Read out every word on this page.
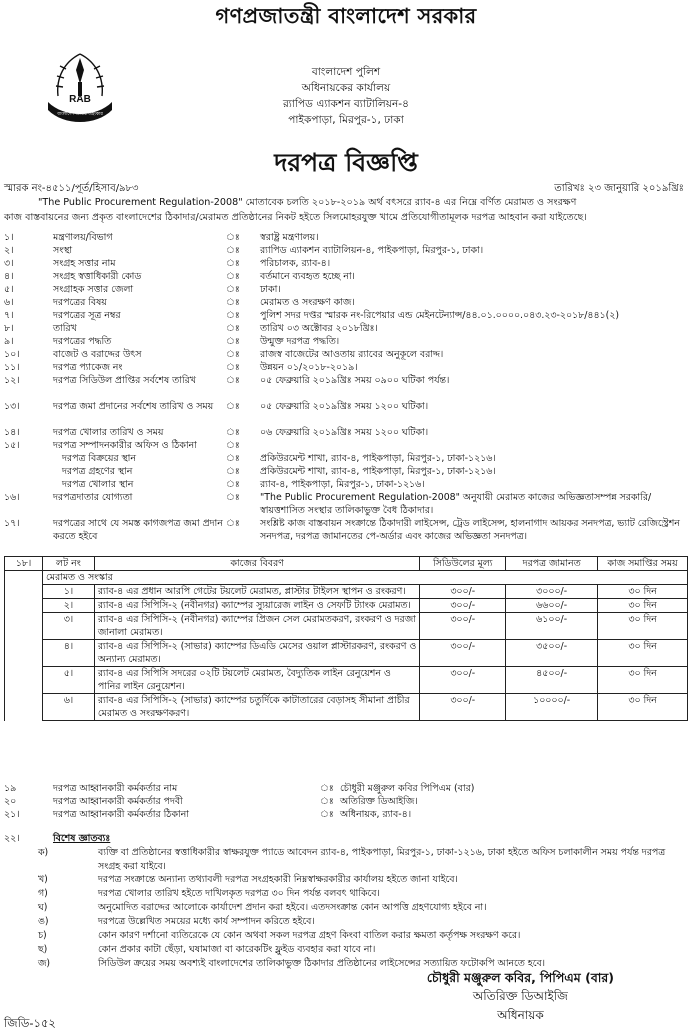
গণপ্রজাতন্ত্রী বাংলাদেশ সরকার
RAB
বাংলাদেশ আমার অহংকার
বাংলাদেশ পুলিশ
অধিনায়কের কার্যালয়
র‍্যাপিড এ্যাকশন ব্যাটালিয়ন-৪
পাইকপাড়া, মিরপুর-১, ঢাকা
দরপত্র বিজ্ঞপ্তি
স্মারক নং-৪৫১১/পূর্ত/হিসাব/৯৮৩	তারিখঃ ২৩ জানুয়ারি ২০১৯খ্রিঃ
"The Public Procurement Regulation-2008" মোতাবেক চলতি ২০১৮-২০১৯ অর্থ বৎসরে র‍্যাব-৪ এর নিম্নে বর্ণিত মেরামত ও সংরক্ষণ
কাজ বাস্তবায়নের জন্য প্রকৃত বাংলাদেশের ঠিকাদার/মেরামত প্রতিষ্ঠানের নিকট হইতে সিলমোহরযুক্ত খামে প্রতিযোগীতামূলক দরপত্র আহবান করা যাইতেছে।
১।	মন্ত্রণালয়/বিভাগ	ঃ স্বরাষ্ট্র মন্ত্রণালয়।
২।	সংস্থা	ঃ র‍্যাপিড এ্যাকশন ব্যাটালিয়ন-৪, পাইকপাড়া, মিরপুর-১, ঢাকা।
৩।	সংগ্রহ সত্তার নাম	ঃ পরিচালক, র‍্যাব-৪।
৪।	সংগ্রহ স্বত্তাধিকারী কোড	ঃ বর্তমানে ব্যবহৃত হচ্ছে না।
৫।	সংগ্রাহক সত্তার জেলা	ঃ ঢাকা।
৬।	দরপত্রের বিষয়	ঃ মেরামত ও সংরক্ষণ কাজ।
৭।	দরপত্রের সূত্র নম্বর	ঃ পুলিশ সদর দপ্তর স্মারক নং-রিপেয়ার এন্ড মেইনটেন্যান্স/৪৪.০১.০০০০.০৪৩.২৩-২০১৮/৪৪১(২)
৮।	তারিখ	ঃ তারিখ ০৩ অক্টোবর ২০১৮খ্রিঃ।
৯।	দরপত্রের পদ্ধতি	ঃ উন্মুক্ত দরপত্র পদ্ধতি।
১০।	বাজেট ও বরাদ্দের উৎস	ঃ রাজস্ব বাজেটের আওতায় র‍্যাবের অনুকূলে বরাদ্দ।
১১।	দরপত্র প্যাকেজ নং	ঃ উন্নয়ন ০১/২০১৮-২০১৯।
১২।	দরপত্র সিডিউল প্রাপ্তির সর্বশেষ তারিখ	ঃ ০৫ ফেব্রুয়ারি ২০১৯খ্রিঃ সময় ০৯০০ ঘটিকা পর্যন্ত।
১৩।	দরপত্র জমা প্রদানের সর্বশেষ তারিখ ও সময়	ঃ ০৫ ফেব্রুয়ারি ২০১৯খ্রিঃ সময় ১২০০ ঘটিকা।
১৪।	দরপত্র খোলার তারিখ ও সময়	ঃ ০৬ ফেব্রুয়ারি ২০১৯খ্রিঃ সময় ১২০০ ঘটিকা।
১৫।	দরপত্র সম্পাদনকারীর অফিস ও ঠিকানা	ঃ
দরপত্র বিক্রয়ের স্থান	ঃ প্রকিউরমেন্ট শাখা, র‍্যাব-৪, পাইকপাড়া, মিরপুর-১, ঢাকা-১২১৬।
দরপত্র গ্রহণের স্থান	ঃ প্রকিউরমেন্ট শাখা, র‍্যাব-৪, পাইকপাড়া, মিরপুর-১, ঢাকা-১২১৬।
দরপত্র খোলার স্থান	ঃ র‍্যাব-৪, পাইকপাড়া, মিরপুর-১, ঢাকা-১২১৬।
১৬।	দরপত্রদাতার যোগ্যতা	ঃ "The Public Procurement Regulation-2008" অনুযায়ী মেরামত কাজের অভিজ্ঞতাসম্পন্ন সরকারি/স্বায়ত্তশাসিত সংস্থার তালিকাভুক্ত বৈধ ঠিকাদার।
১৭।	দরপত্রের সাথে যে সমস্ত কাগজপত্র জমা প্রদান করতে হইবে
ঃ সংশ্লিষ্ট কাজ বাস্তবায়ন সংক্রান্তে ঠিকাদারী লাইসেন্স, ট্রেড লাইসেন্স, হালনাগাদ আয়কর সনদপত্র, ভ্যাট রেজিস্ট্রেশন সনদপত্র, দরপত্র জামানতের পে-অর্ডার এবং কাজের অভিজ্ঞতা সনদপত্র।
১৮।	লট নং	কাজের বিবরণ	সিডিউলের মূল্য	দরপত্র জামানত	কাজ সমাপ্তির সময়
	মেরামত ও সংস্কার				
	১।	র‍্যাব-৪ এর প্রধান আরপি গেটের টয়লেট মেরামত, প্লাস্টার টাইলস স্থাপন ও রংকরণ।	৩০০/-	৩০০০/-	৩০ দিন
	২।	র‍্যাব-৪ এর সিপিসি-২ (নবীনগর) ক্যাম্পের স্যুয়ারেজ লাইন ও সেফটি ট্যাংক মেরামত।	৩০০/-	৬৬০০/-	৩০ দিন
	৩।	র‍্যাব-৪ এর সিপিসি-২ (নবীনগর) ক্যাম্পের প্রিজন সেল মেরামতকরণ, রংকরণ ও দরজা জানালা মেরামত।	৩০০/-	৬১০০/-	৩০ দিন
	৪।	র‍্যাব-৪ এর সিপিসি-২ (সাভার) ক্যাম্পের ডিএডি মেসের ওয়াল প্লাস্টারকরণ, রংকরণ ও অন্যান্য মেরামত।	৩০০/-	৩৫০০/-	৩০ দিন
	৫।	র‍্যাব-৪ এর সিপিসি সদরের ০২টি টয়লেট মেরামত, বৈদ্যুতিক লাইন রেনুয়েশন ও পানির লাইন রেনুয়েশন।	৩০০/-	৪৫০০/-	৩০ দিন
	৬।	র‍্যাব-৪ এর সিপিসি-২ (সাভার) ক্যাম্পের চতুর্দিকে কাটাতারের বেড়াসহ সীমানা প্রাচীর মেরামত ও সংরক্ষণকরণ।	৩০০/-	১০০০০/-	৩০ দিন
১৯	দরপত্র আহ্বানকারী কর্মকর্তার নাম	ঃ চৌধুরী মঞ্জুরুল কবির পিপিএম (বার)
২০	দরপত্র আহ্বানকারী কর্মকর্তার পদবী	ঃ অতিরিক্ত ডিআইজি।
২১।	দরপত্র আহ্বানকারী কর্মকর্তার ঠিকানা	ঃ অধিনায়ক, র‍্যাব-৪।
২২।	বিশেষ জ্ঞাতব্যঃ
ক)	ব্যক্তি বা প্রতিষ্ঠানের স্বত্তাধিকারীর স্বাক্ষরযুক্ত প্যাডে আবেদন র‍্যাব-৪, পাইকপাড়া, মিরপুর-১, ঢাকা-১২১৬, ঢাকা হইতে অফিস চলাকালীন সময় পর্যন্ত দরপত্র সংগ্রহ করা যাইবে।
খ)	দরপত্র সংক্রান্তে অন্যান্য তথ্যাবলী দরপত্র সংগ্রহকারী নিম্নস্বাক্ষরকারীর কার্যালয় হইতে জানা যাইবে।
গ)	দরপত্র খোলার তারিখ হইতে দাখিলকৃত দরপত্র ৩০ দিন পর্যন্ত বলবৎ থাকিবে।
ঘ)	অনুমোদিত বরাদ্দের আলোকে কার্যাদেশ প্রদান করা হইবে। এতদসংক্রান্ত কোন আপত্তি গ্রহণযোগ্য হইবে না।
ঙ)	দরপত্রে উল্লেখিত সময়ের মধ্যে কার্য সম্পাদন করিতে হইবে।
চ)	কোন কারণ দর্শানো ব্যতিরেকে যে কোন অথবা সকল দরপত্র গ্রহণ কিংবা বাতিল করার ক্ষমতা কর্তৃপক্ষ সংরক্ষণ করে।
ছ)	কোন প্রকার কাটা ছেঁড়া, ঘষামাজা বা কারেকটিং ফ্লুইড ব্যবহার করা যাবে না।
জ)	সিডিউল ক্রয়ের সময় অবশ্যই বাংলাদেশের তালিকাভুক্ত ঠিকাদার প্রতিষ্ঠানের লাইসেন্সের সত্যায়িত ফটোকপি আনতে হবে।
চৌধুরী মঞ্জুরুল কবির, পিপিএম (বার)
অতিরিক্ত ডিআইজি
অধিনায়ক
জিডি-১৫২
